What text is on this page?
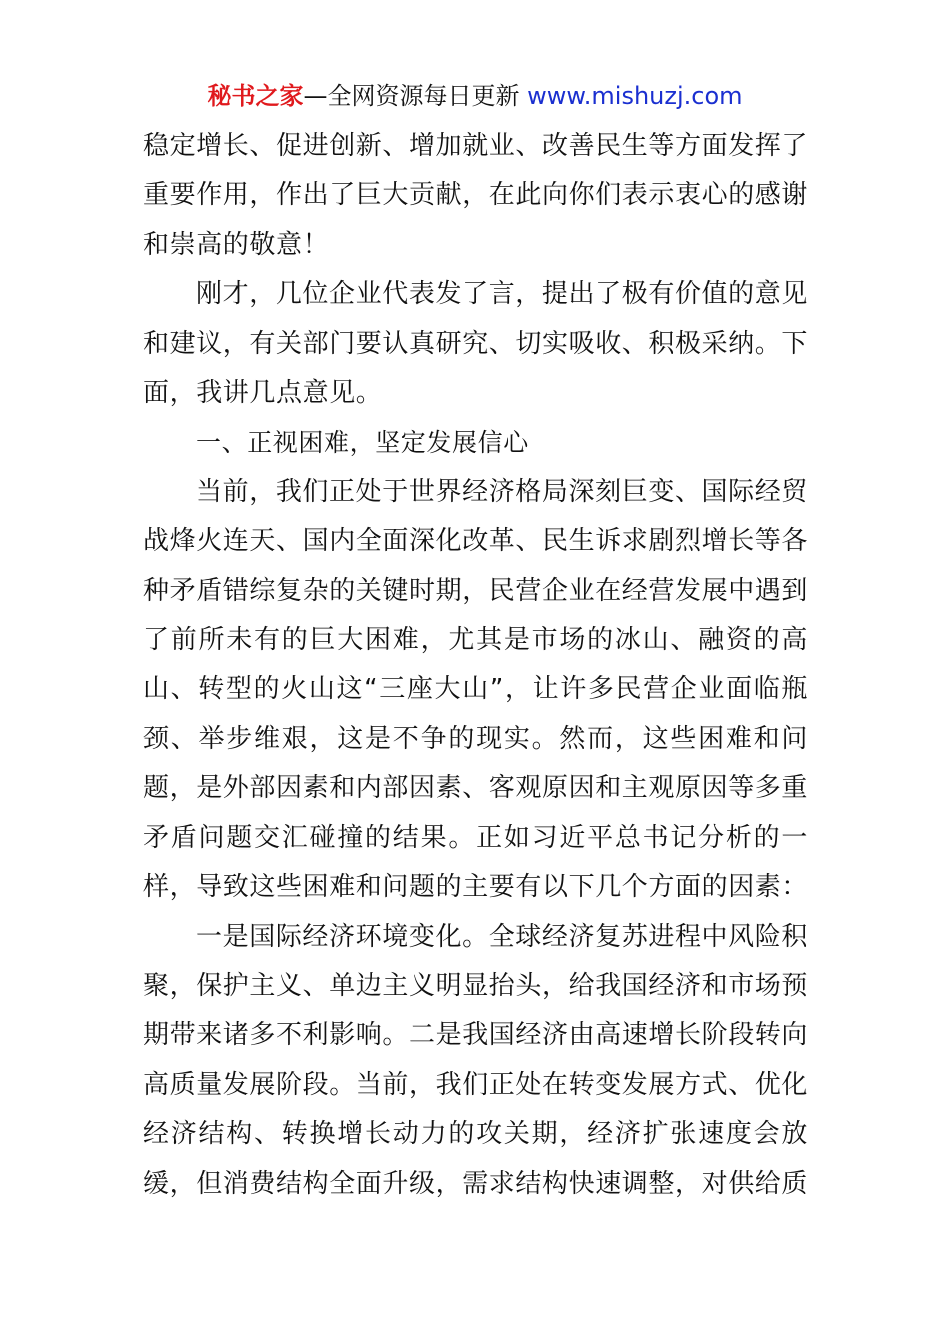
秘书之家—全网资源每日更新 www.mishuzj.com

稳定增长、促进创新、增加就业、改善民生等方面发挥了重要作用，作出了巨大贡献，在此向你们表示衷心的感谢和崇高的敬意！

刚才，几位企业代表发了言，提出了极有价值的意见和建议，有关部门要认真研究、切实吸收、积极采纳。下面，我讲几点意见。

一、正视困难，坚定发展信心

当前，我们正处于世界经济格局深刻巨变、国际经贸战烽火连天、国内全面深化改革、民生诉求剧烈增长等各种矛盾错综复杂的关键时期，民营企业在经营发展中遇到了前所未有的巨大困难，尤其是市场的冰山、融资的高山、转型的火山这“三座大山”，让许多民营企业面临瓶颈、举步维艰，这是不争的现实。然而，这些困难和问题，是外部因素和内部因素、客观原因和主观原因等多重矛盾问题交汇碰撞的结果。正如习近平总书记分析的一样，导致这些困难和问题的主要有以下几个方面的因素：

一是国际经济环境变化。全球经济复苏进程中风险积聚，保护主义、单边主义明显抬头，给我国经济和市场预期带来诸多不利影响。二是我国经济由高速增长阶段转向高质量发展阶段。当前，我们正处在转变发展方式、优化经济结构、转换增长动力的攻关期，经济扩张速度会放缓，但消费结构全面升级，需求结构快速调整，对供给质
